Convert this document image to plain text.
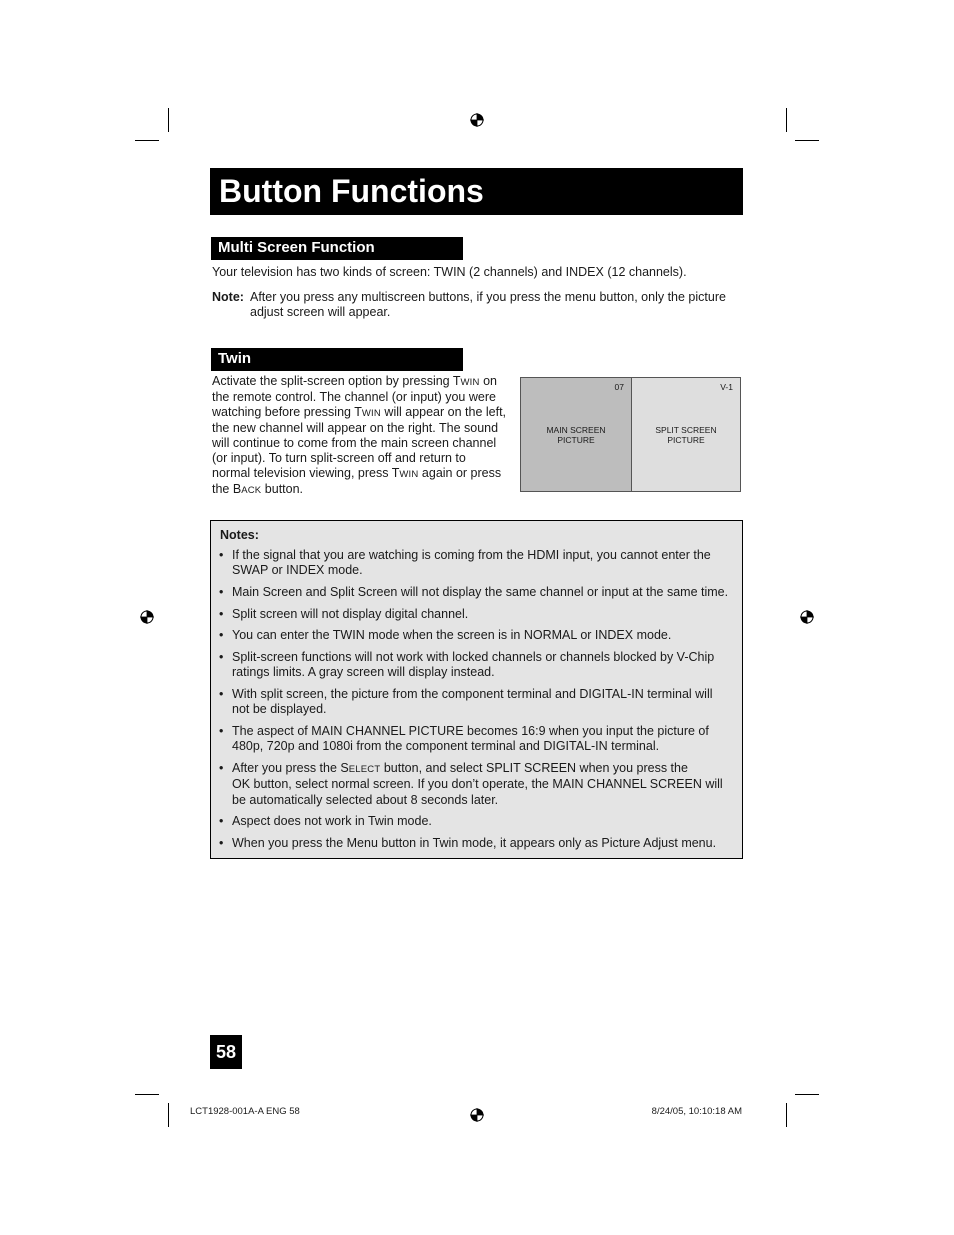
Button Functions
Multi Screen Function
Your television has two kinds of screen: TWIN (2 channels) and INDEX (12 channels).
Note: After you press any multiscreen buttons, if you press the menu button, only the picture
adjust screen will appear.
Twin
Activate the split-screen option by pressing TWIN on
the remote control. The channel (or input) you were
watching before pressing TWIN will appear on the left,
the new channel will appear on the right. The sound
will continue to come from the main screen channel
(or input). To turn split-screen off and return to
normal television viewing, press TWIN again or press
the BACK button.
07
MAIN SCREEN
PICTURE
V-1
SPLIT SCREEN
PICTURE
Notes:
• If the signal that you are watching is coming from the HDMI input, you cannot enter the
SWAP or INDEX mode.
• Main Screen and Split Screen will not display the same channel or input at the same time.
• Split screen will not display digital channel.
• You can enter the TWIN mode when the screen is in NORMAL or INDEX mode.
• Split-screen functions will not work with locked channels or channels blocked by V-Chip
ratings limits. A gray screen will display instead.
• With split screen, the picture from the component terminal and DIGITAL-IN terminal will
not be displayed.
• The aspect of MAIN CHANNEL PICTURE becomes 16:9 when you input the picture of
480p, 720p and 1080i from the component terminal and DIGITAL-IN terminal.
• After you press the SELECT button, and select SPLIT SCREEN when you press the
OK button, select normal screen. If you don’t operate, the MAIN CHANNEL SCREEN will
be automatically selected about 8 seconds later.
• Aspect does not work in Twin mode.
• When you press the Menu button in Twin mode, it appears only as Picture Adjust menu.
58
LCT1928-001A-A ENG 58	8/24/05, 10:10:18 AM
